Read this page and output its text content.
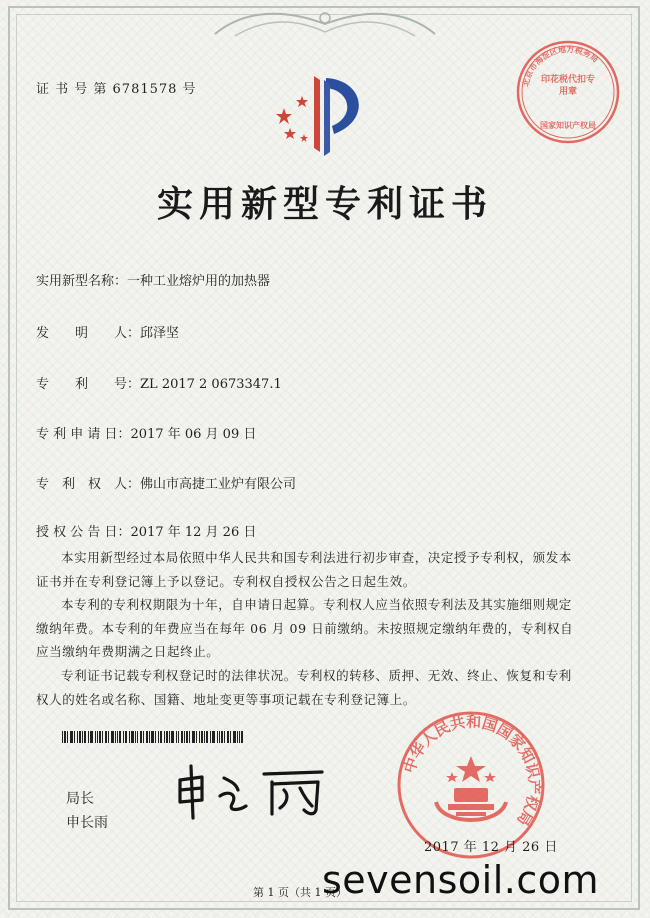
证 书 号 第 6781578 号
实用新型专利证书
实用新型名称：一种工业熔炉用的加热器
发　　明　　人：邱泽坚
专　　利　　号：ZL 2017 2 0673347.1
专 利 申 请 日：2017 年 06 月 09 日
专　利　权　人：佛山市高捷工业炉有限公司
授 权 公 告 日：2017 年 12 月 26 日

本实用新型经过本局依照中华人民共和国专利法进行初步审查，决定授予专利权，颁发本证书并在专利登记簿上予以登记。专利权自授权公告之日起生效。

本专利的专利权期限为十年，自申请日起算。专利权人应当依照专利法及其实施细则规定缴纳年费。本专利的年费应当在每年 06 月 09 日前缴纳。未按照规定缴纳年费的，专利权自应当缴纳年费期满之日起终止。

专利证书记载专利权登记时的法律状况。专利权的转移、质押、无效、终止、恢复和专利权人的姓名或名称、国籍、地址变更等事项记载在专利登记簿上。

局长
申长雨
北京市海淀区地方税务局
印花税代扣专用章
国家知识产权局
中华人民共和国国家知识产权局
2017 年 12 月 26 日
第 1 页（共 1 页）
sevensoil.com
